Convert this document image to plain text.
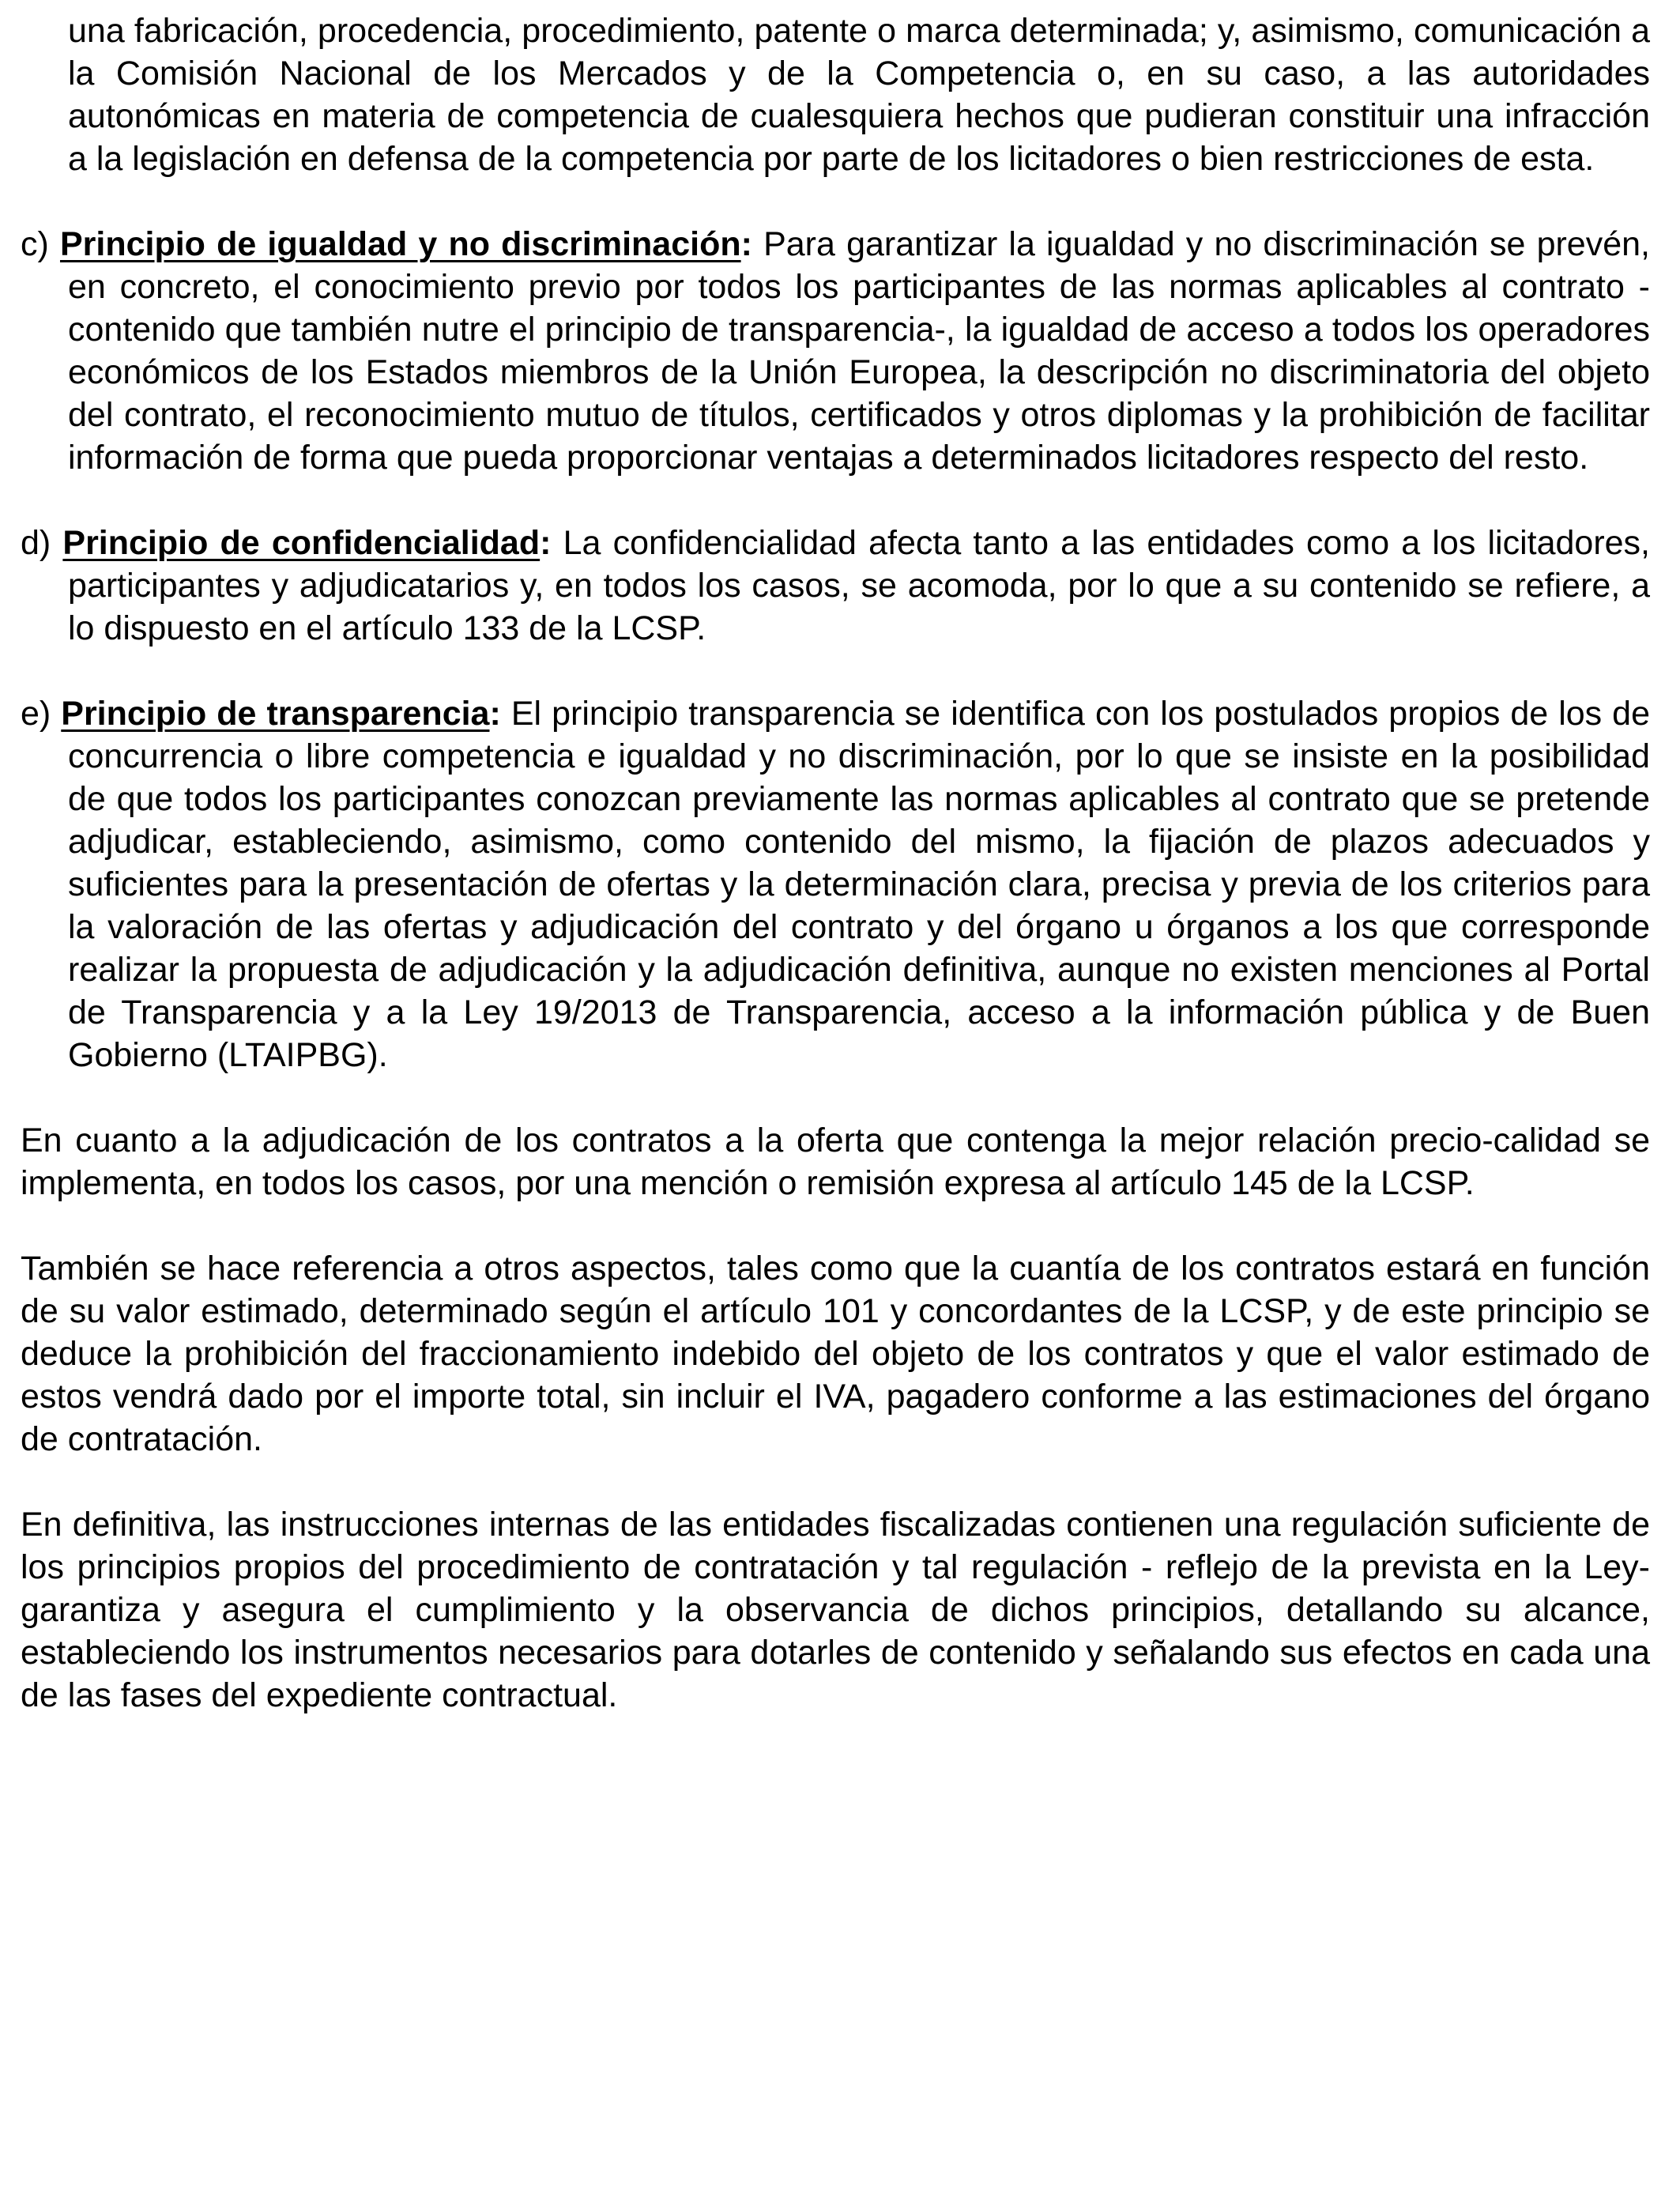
una fabricación, procedencia, procedimiento, patente o marca determinada; y, asimismo, comunicación a la Comisión Nacional de los Mercados y de la Competencia o, en su caso, a las autoridades autonómicas en materia de competencia de cualesquiera hechos que pudieran constituir una infracción a la legislación en defensa de la competencia por parte de los licitadores o bien restricciones de esta.

c) Principio de igualdad y no discriminación: Para garantizar la igualdad y no discriminación se prevén, en concreto, el conocimiento previo por todos los participantes de las normas aplicables al contrato -contenido que también nutre el principio de transparencia-, la igualdad de acceso a todos los operadores económicos de los Estados miembros de la Unión Europea, la descripción no discriminatoria del objeto del contrato, el reconocimiento mutuo de títulos, certificados y otros diplomas y la prohibición de facilitar información de forma que pueda proporcionar ventajas a determinados licitadores respecto del resto.

d) Principio de confidencialidad: La confidencialidad afecta tanto a las entidades como a los licitadores, participantes y adjudicatarios y, en todos los casos, se acomoda, por lo que a su contenido se refiere, a lo dispuesto en el artículo 133 de la LCSP.

e) Principio de transparencia: El principio transparencia se identifica con los postulados propios de los de concurrencia o libre competencia e igualdad y no discriminación, por lo que se insiste en la posibilidad de que todos los participantes conozcan previamente las normas aplicables al contrato que se pretende adjudicar, estableciendo, asimismo, como contenido del mismo, la fijación de plazos adecuados y suficientes para la presentación de ofertas y la determinación clara, precisa y previa de los criterios para la valoración de las ofertas y adjudicación del contrato y del órgano u órganos a los que corresponde realizar la propuesta de adjudicación y la adjudicación definitiva, aunque no existen menciones al Portal de Transparencia y a la Ley 19/2013 de Transparencia, acceso a la información pública y de Buen Gobierno (LTAIPBG).

En cuanto a la adjudicación de los contratos a la oferta que contenga la mejor relación precio-calidad se implementa, en todos los casos, por una mención o remisión expresa al artículo 145 de la LCSP.

También se hace referencia a otros aspectos, tales como que la cuantía de los contratos estará en función de su valor estimado, determinado según el artículo 101 y concordantes de la LCSP, y de este principio se deduce la prohibición del fraccionamiento indebido del objeto de los contratos y que el valor estimado de estos vendrá dado por el importe total, sin incluir el IVA, pagadero conforme a las estimaciones del órgano de contratación.

En definitiva, las instrucciones internas de las entidades fiscalizadas contienen una regulación suficiente de los principios propios del procedimiento de contratación y tal regulación - reflejo de la prevista en la Ley- garantiza y asegura el cumplimiento y la observancia de dichos principios, detallando su alcance, estableciendo los instrumentos necesarios para dotarles de contenido y señalando sus efectos en cada una de las fases del expediente contractual.
